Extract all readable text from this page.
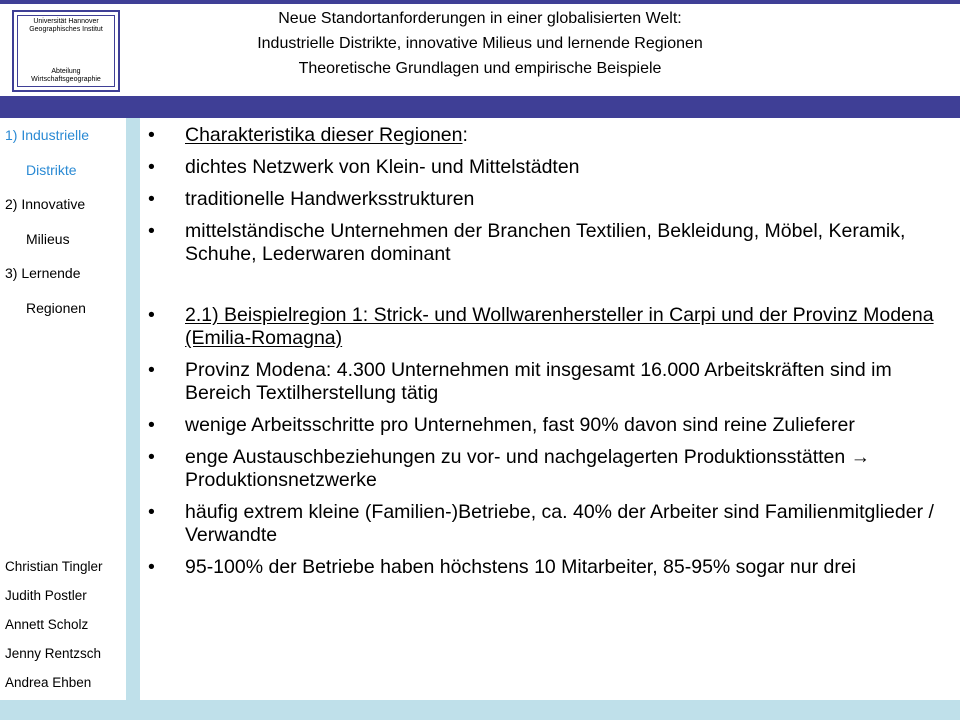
Universität Hannover
Geographisches Institut
Abteilung
Wirtschaftsgeographie
Neue Standortanforderungen in einer globalisierten Welt:
Industrielle Distrikte, innovative Milieus und lernende Regionen
Theoretische Grundlagen und empirische Beispiele
1) Industrielle
Distrikte
2) Innovative
Milieus
3) Lernende
Regionen
Christian Tingler
Judith Postler
Annett Scholz
Jenny Rentzsch
Andrea Ehben
•	Charakteristika dieser Regionen:
•	dichtes Netzwerk von Klein- und Mittelstädten
•	traditionelle Handwerksstrukturen
•	mittelständische Unternehmen der Branchen Textilien, Bekleidung, Möbel, Keramik, Schuhe, Lederwaren dominant
•	2.1) Beispielregion 1: Strick- und Wollwarenhersteller in Carpi und der Provinz Modena (Emilia-Romagna)
•	Provinz Modena: 4.300 Unternehmen mit insgesamt 16.000 Arbeitskräften sind im Bereich Textilherstellung tätig
•	wenige Arbeitsschritte pro Unternehmen, fast 90% davon sind reine Zulieferer
•	enge Austauschbeziehungen zu vor- und nachgelagerten Produktionsstätten → Produktionsnetzwerke
•	häufig extrem kleine (Familien-)Betriebe, ca. 40% der Arbeiter sind Familienmitglieder / Verwandte
•	95-100% der Betriebe haben höchstens 10 Mitarbeiter, 85-95% sogar nur drei
